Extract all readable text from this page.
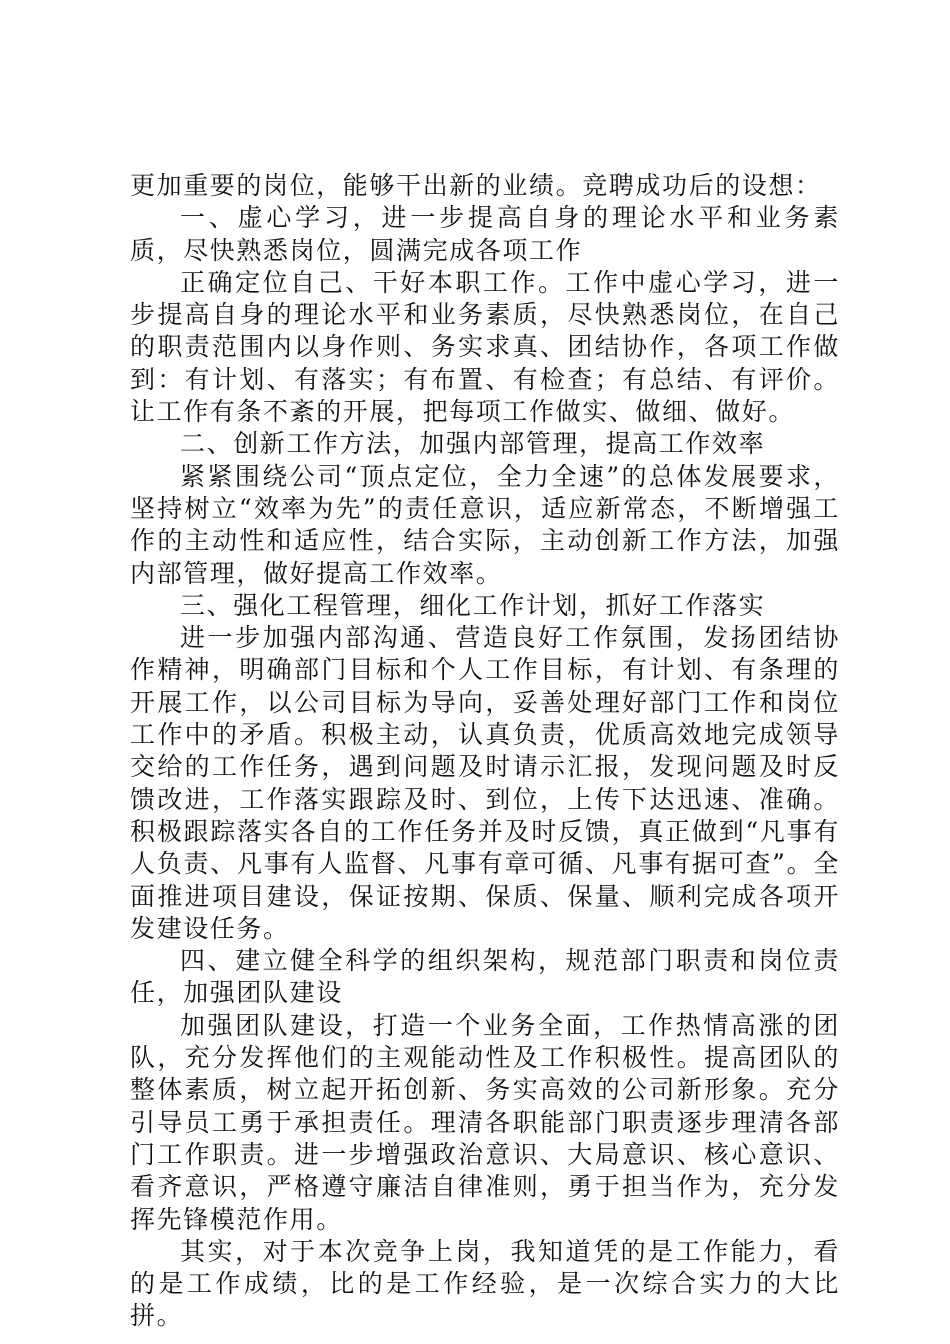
更加重要的岗位，能够干出新的业绩。竞聘成功后的设想：

一、虚心学习，进一步提高自身的理论水平和业务素质，尽快熟悉岗位，圆满完成各项工作

正确定位自己、干好本职工作。工作中虚心学习，进一步提高自身的理论水平和业务素质，尽快熟悉岗位，在自己的职责范围内以身作则、务实求真、团结协作，各项工作做到：有计划、有落实；有布置、有检查；有总结、有评价。让工作有条不紊的开展，把每项工作做实、做细、做好。

二、创新工作方法，加强内部管理，提高工作效率

紧紧围绕公司“顶点定位，全力全速”的总体发展要求，坚持树立“效率为先”的责任意识，适应新常态，不断增强工作的主动性和适应性，结合实际，主动创新工作方法，加强内部管理，做好提高工作效率。

三、强化工程管理，细化工作计划，抓好工作落实

进一步加强内部沟通、营造良好工作氛围，发扬团结协作精神，明确部门目标和个人工作目标，有计划、有条理的开展工作，以公司目标为导向，妥善处理好部门工作和岗位工作中的矛盾。积极主动，认真负责，优质高效地完成领导交给的工作任务，遇到问题及时请示汇报，发现问题及时反馈改进，工作落实跟踪及时、到位，上传下达迅速、准确。积极跟踪落实各自的工作任务并及时反馈，真正做到“凡事有人负责、凡事有人监督、凡事有章可循、凡事有据可查”。全面推进项目建设，保证按期、保质、保量、顺利完成各项开发建设任务。

四、建立健全科学的组织架构，规范部门职责和岗位责任，加强团队建设

加强团队建设，打造一个业务全面，工作热情高涨的团队，充分发挥他们的主观能动性及工作积极性。提高团队的整体素质，树立起开拓创新、务实高效的公司新形象。充分引导员工勇于承担责任。理清各职能部门职责逐步理清各部门工作职责。进一步增强政治意识、大局意识、核心意识、看齐意识，严格遵守廉洁自律准则，勇于担当作为，充分发挥先锋模范作用。

其实，对于本次竞争上岗，我知道凭的是工作能力，看的是工作成绩，比的是工作经验，是一次综合实力的大比拼。
